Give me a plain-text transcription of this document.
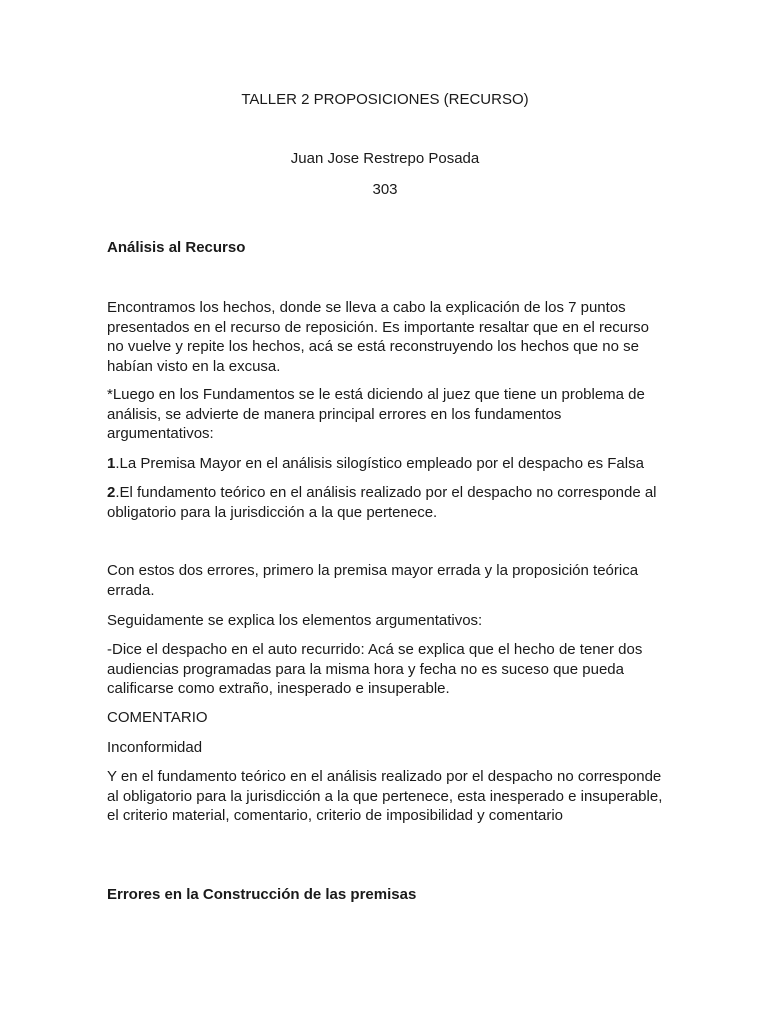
TALLER 2 PROPOSICIONES (RECURSO)

Juan Jose Restrepo Posada

303

Análisis al Recurso

Encontramos los hechos, donde se lleva a cabo la explicación de los 7 puntos presentados en el recurso de reposición. Es importante resaltar que en el recurso no vuelve y repite los hechos, acá se está reconstruyendo los hechos que no se habían visto en la excusa.

*Luego en los Fundamentos se le está diciendo al juez que tiene un problema de análisis, se advierte de manera principal errores en los fundamentos argumentativos:

1.La Premisa Mayor en el análisis silogístico empleado por el despacho es Falsa

2.El fundamento teórico en el análisis realizado por el despacho no corresponde al obligatorio para la jurisdicción a la que pertenece.

Con estos dos errores, primero la premisa mayor errada y la proposición teórica errada.

Seguidamente se explica los elementos argumentativos:

-Dice el despacho en el auto recurrido: Acá se explica que el hecho de tener dos audiencias programadas para la misma hora y fecha no es suceso que pueda calificarse como extraño, inesperado e insuperable.

COMENTARIO

Inconformidad

Y en el fundamento teórico en el análisis realizado por el despacho no corresponde al obligatorio para la jurisdicción a la que pertenece, esta inesperado e insuperable, el criterio material, comentario, criterio de imposibilidad y comentario

Errores en la Construcción de las premisas
